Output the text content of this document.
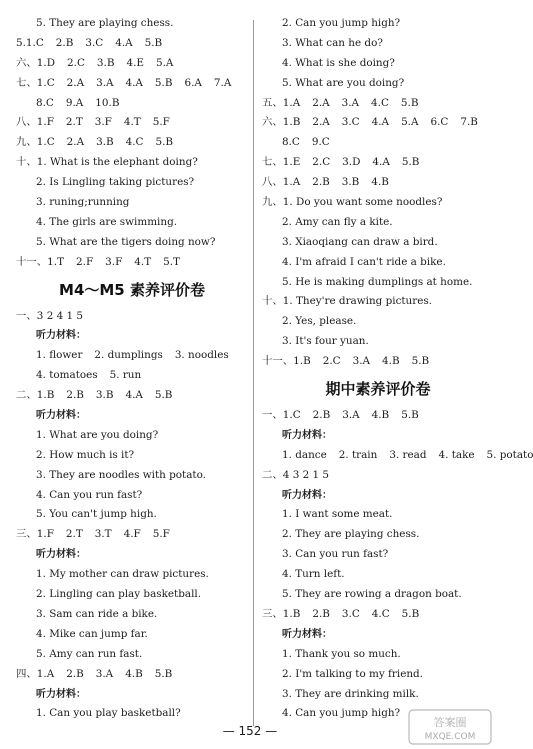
5. They are playing chess.
5.1.C 2.B 3.C 4.A 5.B
六、1.D 2.C 3.B 4.E 5.A
七、1.C 2.A 3.A 4.A 5.B 6.A 7.A
8.C 9.A 10.B
八、1.F 2.T 3.F 4.T 5.F
九、1.C 2.A 3.B 4.C 5.B
十、1. What is the elephant doing?
2. Is Lingling taking pictures?
3. runing;running
4. The girls are swimming.
5. What are the tigers doing now?
十一、1.T 2.F 3.F 4.T 5.T
M4～M5 素养评价卷
一、3 2 4 1 5
听力材料：
1. flower 2. dumplings 3. noodles
4. tomatoes 5. run
二、1.B 2.B 3.B 4.A 5.B
听力材料：
1. What are you doing?
2. How much is it?
3. They are noodles with potato.
4. Can you run fast?
5. You can't jump high.
三、1.F 2.T 3.T 4.F 5.F
听力材料：
1. My mother can draw pictures.
2. Lingling can play basketball.
3. Sam can ride a bike.
4. Mike can jump far.
5. Amy can run fast.
四、1.A 2.B 3.A 4.B 5.B
听力材料：
1. Can you play basketball?
2. Can you jump high?
3. What can he do?
4. What is she doing?
5. What are you doing?
五、1.A 2.A 3.A 4.C 5.B
六、1.B 2.A 3.C 4.A 5.A 6.C 7.B
8.C 9.C
七、1.E 2.C 3.D 4.A 5.B
八、1.A 2.B 3.B 4.B
九、1. Do you want some noodles?
2. Amy can fly a kite.
3. Xiaoqiang can draw a bird.
4. I'm afraid I can't ride a bike.
5. He is making dumplings at home.
十、1. They're drawing pictures.
2. Yes, please.
3. It's four yuan.
十一、1.B 2.C 3.A 4.B 5.B
期中素养评价卷
一、1.C 2.B 3.A 4.B 5.B
听力材料：
1. dance 2. train 3. read 4. take 5. potato
二、4 3 2 1 5
听力材料：
1. I want some meat.
2. They are playing chess.
3. Can you run fast?
4. Turn left.
5. They are rowing a dragon boat.
三、1.B 2.B 3.C 4.C 5.B
听力材料：
1. Thank you so much.
2. I'm talking to my friend.
3. They are drinking milk.
4. Can you jump high?
— 152 —
答案圈
MXQE.COM
